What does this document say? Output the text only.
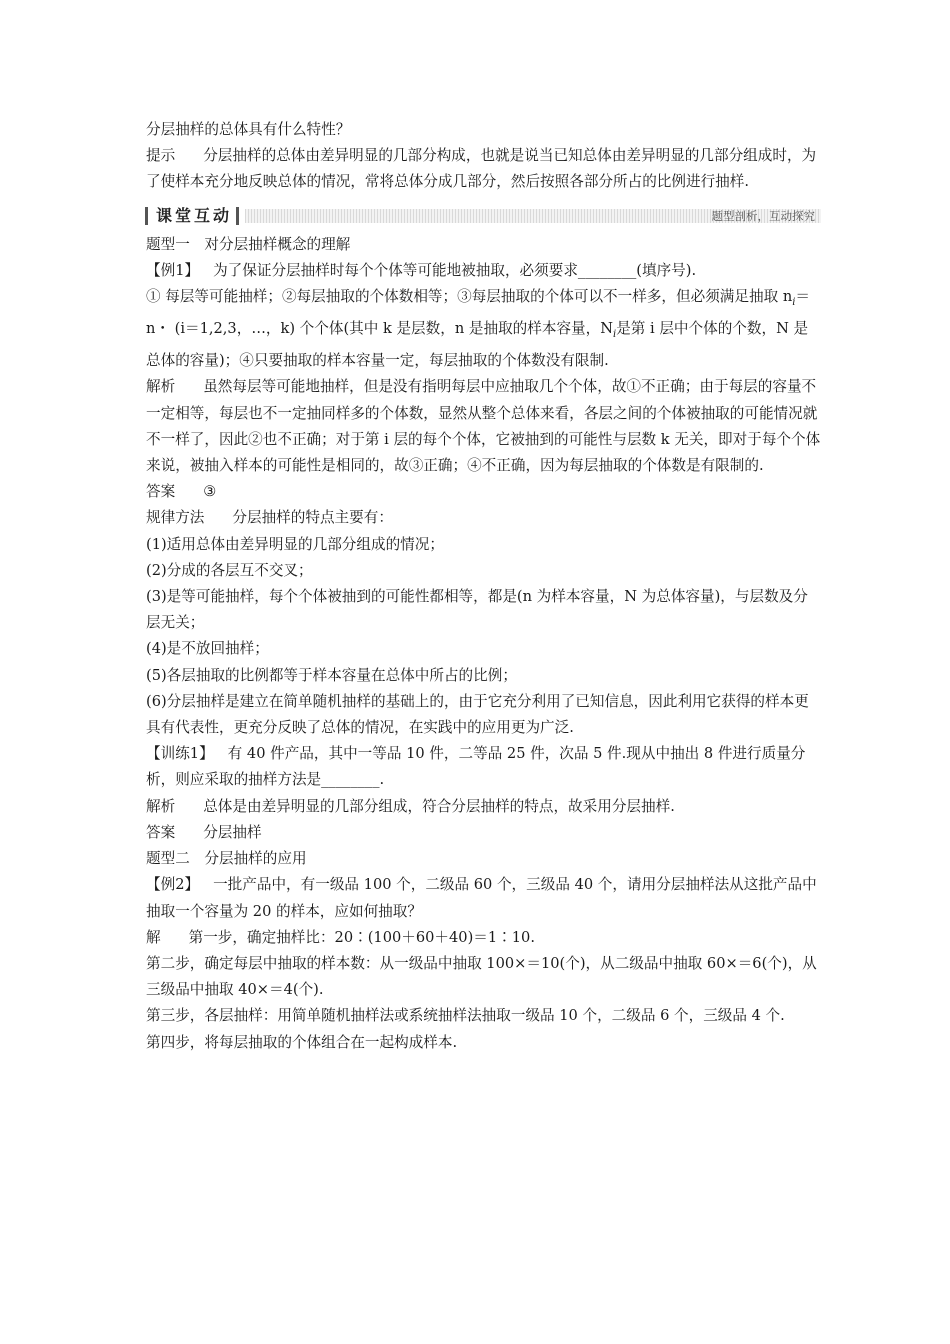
分层抽样的总体具有什么特性？

提示 分层抽样的总体由差异明显的几部分构成，也就是说当已知总体由差异明显的几部分组成时，为了使样本充分地反映总体的情况，常将总体分成几部分，然后按照各部分所占的比例进行抽样.

课堂互动	题型剖析，互动探究

题型一　对分层抽样概念的理解

【例1】 为了保证分层抽样时每个个体等可能地被抽取，必须要求________(填序号).

① 每层等可能抽样；②每层抽取的个体数相等；③每层抽取的个体可以不一样多，但必须满足抽取 $n_i=n$・ (i＝1,2,3，…，k) 个个体(其中 k 是层数，n 是抽取的样本容量，$N_i$是第 i 层中个体的个数，N 是总体的容量)；④只要抽取的样本容量一定，每层抽取的个体数没有限制.

解析 虽然每层等可能地抽样，但是没有指明每层中应抽取几个个体，故①不正确；由于每层的容量不一定相等，每层也不一定抽同样多的个体数，显然从整个总体来看，各层之间的个体被抽取的可能情况就不一样了，因此②也不正确；对于第 i 层的每个个体，它被抽到的可能性与层数 k 无关，即对于每个个体来说，被抽入样本的可能性是相同的，故③正确；④不正确，因为每层抽取的个体数是有限制的.

答案 ③

规律方法 分层抽样的特点主要有：

(1)适用总体由差异明显的几部分组成的情况；

(2)分成的各层互不交叉；

(3)是等可能抽样，每个个体被抽到的可能性都相等，都是(n 为样本容量，N 为总体容量)，与层数及分层无关；

(4)是不放回抽样；

(5)各层抽取的比例都等于样本容量在总体中所占的比例；

(6)分层抽样是建立在简单随机抽样的基础上的，由于它充分利用了已知信息，因此利用它获得的样本更具有代表性，更充分反映了总体的情况，在实践中的应用更为广泛.

【训练1】 有 40 件产品，其中一等品 10 件，二等品 25 件，次品 5 件.现从中抽出 8 件进行质量分析，则应采取的抽样方法是________.

解析 总体是由差异明显的几部分组成，符合分层抽样的特点，故采用分层抽样.

答案 分层抽样

题型二　分层抽样的应用

【例2】 一批产品中，有一级品 100 个，二级品 60 个，三级品 40 个，请用分层抽样法从这批产品中抽取一个容量为 20 的样本，应如何抽取？

解 第一步，确定抽样比：20∶(100＋60＋40)＝1∶10.

第二步，确定每层中抽取的样本数：从一级品中抽取 100×＝10(个)，从二级品中抽取 60×＝6(个)，从三级品中抽取 40×＝4(个).

第三步，各层抽样：用简单随机抽样法或系统抽样法抽取一级品 10 个，二级品 6 个，三级品 4 个.

第四步，将每层抽取的个体组合在一起构成样本.
